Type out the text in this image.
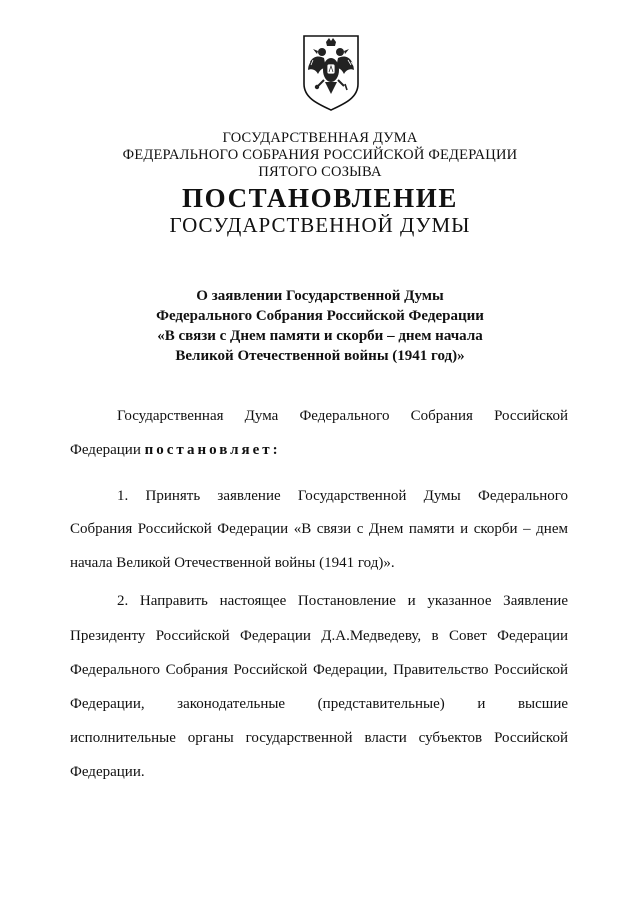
ГОСУДАРСТВЕННАЯ ДУМА
ФЕДЕРАЛЬНОГО СОБРАНИЯ РОССИЙСКОЙ ФЕДЕРАЦИИ
ПЯТОГО СОЗЫВА
ПОСТАНОВЛЕНИЕ
ГОСУДАРСТВЕННОЙ ДУМЫ
О заявлении Государственной Думы
Федерального Собрания Российской Федерации
«В связи с Днем памяти и скорби – днем начала
Великой Отечественной войны (1941 год)»
Государственная Дума Федерального Собрания Российской
Федерации постановляет:
1. Принять заявление Государственной Думы Федерального
Собрания Российской Федерации «В связи с Днем памяти и скорби – днем
начала Великой Отечественной войны (1941 год)».
2. Направить настоящее Постановление и указанное Заявление
Президенту Российской Федерации Д.А.Медведеву, в Совет Федерации
Федерального Собрания Российской Федерации, Правительство Российской
Федерации, законодательные (представительные) и высшие
исполнительные органы государственной власти субъектов Российской
Федерации.
